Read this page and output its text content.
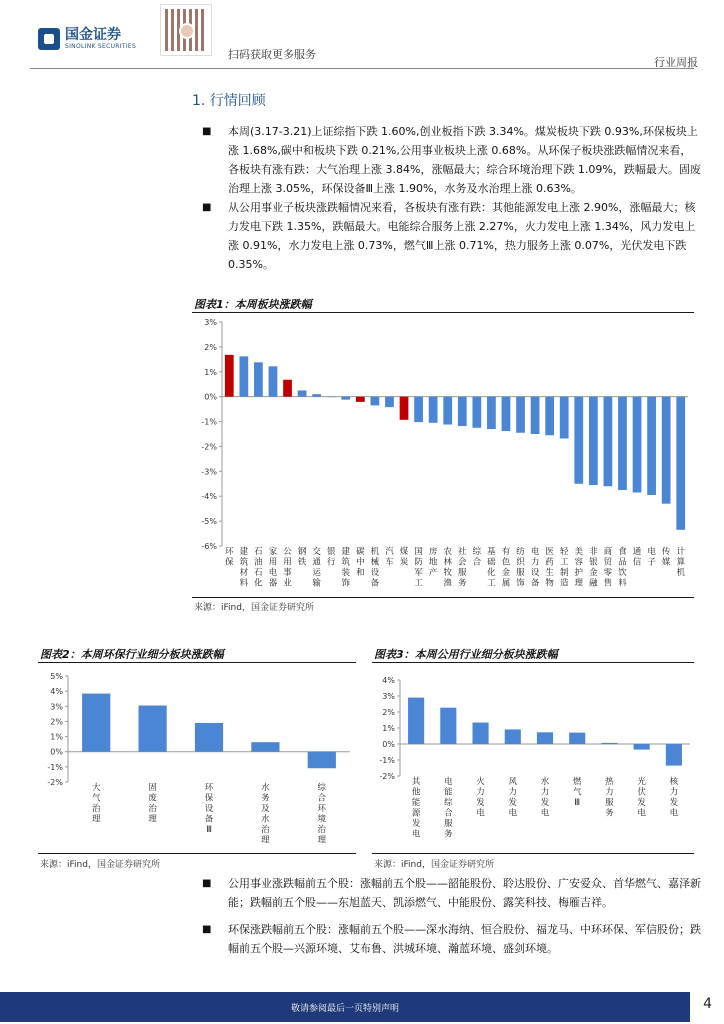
国金证券
SINOLINK SECURITIES
扫码获取更多服务
行业周报
1. 行情回顾
■	本周(3.17-3.21)上证综指下跌 1.60%,创业板指下跌 3.34%。煤炭板块下跌 0.93%,环保板块上涨 1.68%,碳中和板块下跌 0.21%,公用事业板块上涨 0.68%。从环保子板块涨跌幅情况来看，各板块有涨有跌：大气治理上涨 3.84%，涨幅最大；综合环境治理下跌 1.09%，跌幅最大。固废治理上涨 3.05%，环保设备Ⅲ上涨 1.90%，水务及水治理上涨 0.63%。
■	从公用事业子板块涨跌幅情况来看，各板块有涨有跌：其他能源发电上涨 2.90%，涨幅最大；核力发电下跌 1.35%，跌幅最大。电能综合服务上涨 2.27%，火力发电上涨 1.34%，风力发电上涨 0.91%，水力发电上涨 0.73%，燃气Ⅲ上涨 0.71%，热力服务上涨 0.07%，光伏发电下跌 0.35%。
图表1：本周板块涨跌幅
3%
2%
1%
0%
-1%
-2%
-3%
-4%
-5%
-6%
环保
建筑材料
石油石化
家用电器
公用事业
钢铁
交通运输
银行
建筑装饰
碳中和
机械设备
汽车
煤炭
国防军工
房地产
农林牧渔
社会服务
综合
基础化工
有色金属
纺织服饰
电力设备
医药生物
轻工制造
美容护理
非银金融
商贸零售
食品饮料
通信
电子
传媒
计算机
来源：iFind，国金证券研究所
图表2：本周环保行业细分板块涨跌幅
5%
4%
3%
2%
1%
0%
-1%
-2%
大气治理
固废治理
环保设备 Ⅲ
水务及水治理
综合环境治理
来源：iFind，国金证券研究所
图表3：本周公用行业细分板块涨跌幅
4%
3%
2%
1%
0%
-1%
-2%
其他能源发电
电能综合服务
火力发电
风力发电
水力发电
燃气 Ⅲ
热力服务
光伏发电
核力发电
来源：iFind，国金证券研究所
■	公用事业涨跌幅前五个股：涨幅前五个股——韶能股份、聆达股份、广安爱众、首华燃气、嘉泽新能；跌幅前五个股——东旭蓝天、凯添燃气、中能股份、露笑科技、梅雁吉祥。
■	环保涨跌幅前五个股：涨幅前五个股——深水海纳、恒合股份、福龙马、中环环保、军信股份；跌幅前五个股—兴源环境、艾布鲁、洪城环境、瀚蓝环境、盛剑环境。
敬请参阅最后一页特别声明	4
